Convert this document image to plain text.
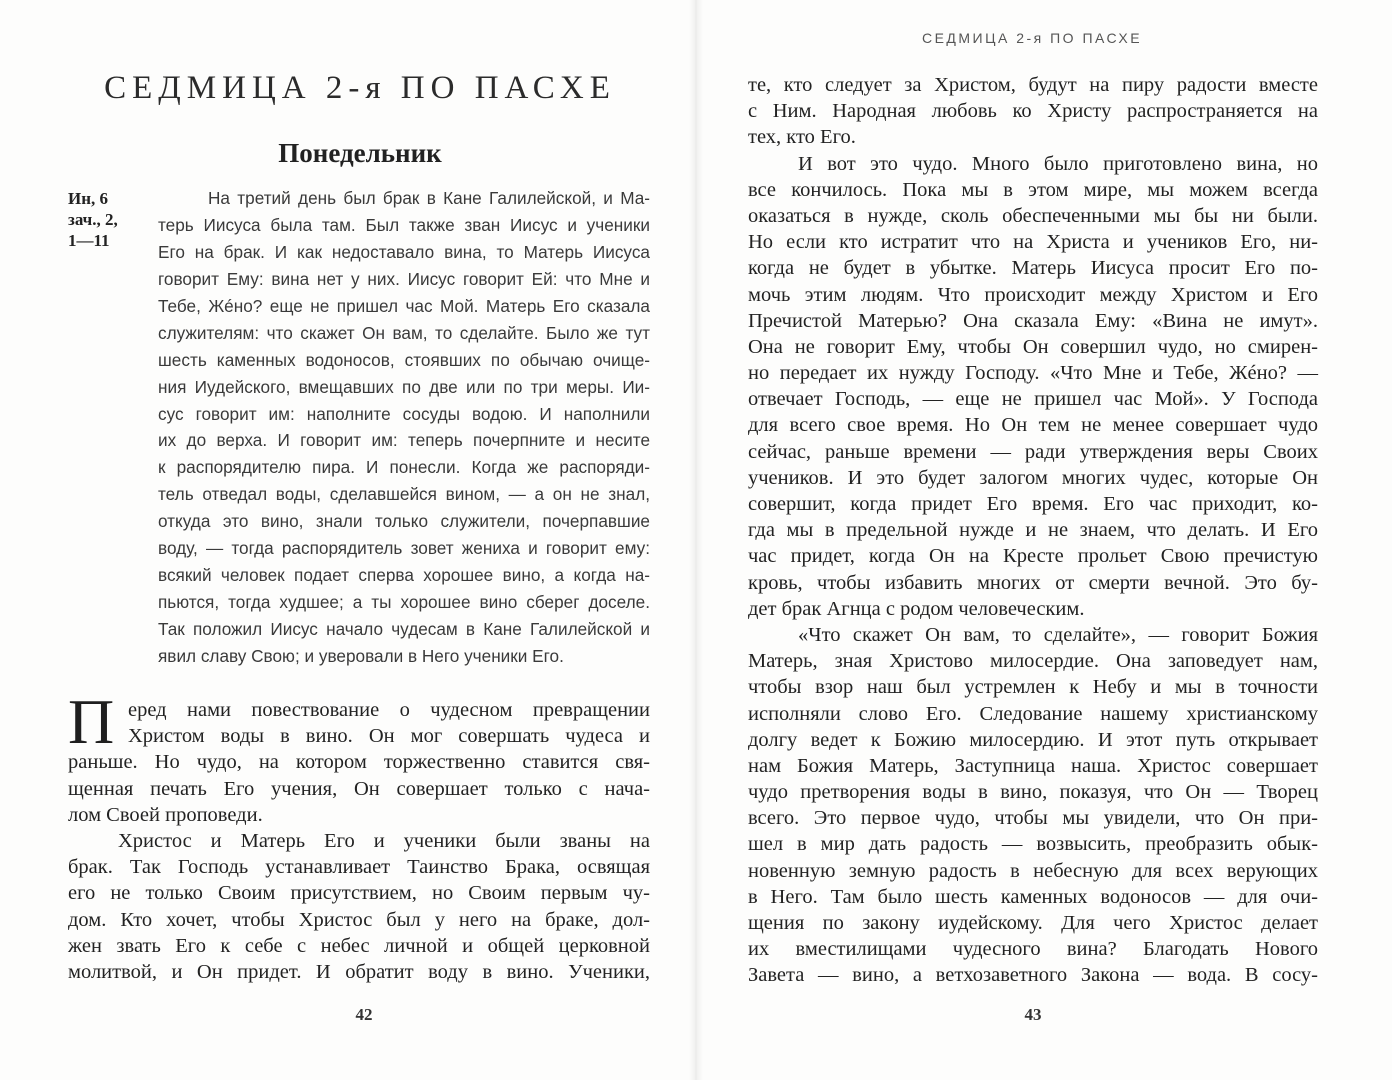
СЕДМИЦА 2-я ПО ПАСХЕ
Понедельник
Ин, 6
зач., 2,
1—11
На третий день был брак в Кане Галилейской, и Ма-
терь Иисуса была там. Был также зван Иисус и ученики
Его на брак. И как недоставало вина, то Матерь Иисуса
говорит Ему: вина нет у них. Иисус говорит Ей: что Мне и
Тебе, Жéно? еще не пришел час Мой. Матерь Его сказала
служителям: что скажет Он вам, то сделайте. Было же тут
шесть каменных водоносов, стоявших по обычаю очище-
ния Иудейского, вмещавших по две или по три меры. Ии-
сус говорит им: наполните сосуды водою. И наполнили
их до верха. И говорит им: теперь почерпните и несите
к распорядителю пира. И понесли. Когда же распоряди-
тель отведал воды, сделавшейся вином, — а он не знал,
откуда это вино, знали только служители, почерпавшие
воду, — тогда распорядитель зовет жениха и говорит ему:
всякий человек подает сперва хорошее вино, а когда на-
пьются, тогда худшее; а ты хорошее вино сберег доселе.
Так положил Иисус начало чудесам в Кане Галилейской и
явил славу Свою; и уверовали в Него ученики Его.
П еред нами повествование о чудесном превращении
Христом воды в вино. Он мог совершать чудеса и
раньше. Но чудо, на котором торжественно ставится свя-
щенная печать Его учения, Он совершает только с нача-
лом Своей проповеди.
Христос и Матерь Его и ученики были званы на
брак. Так Господь устанавливает Таинство Брака, освящая
его не только Своим присутствием, но Своим первым чу-
дом. Кто хочет, чтобы Христос был у него на браке, дол-
жен звать Его к себе с небес личной и общей церковной
молитвой, и Он придет. И обратит воду в вино. Ученики,
42
СЕДМИЦА 2-я ПО ПАСХЕ
те, кто следует за Христом, будут на пиру радости вместе
с Ним. Народная любовь ко Христу распространяется на
тех, кто Его.
И вот это чудо. Много было приготовлено вина, но
все кончилось. Пока мы в этом мире, мы можем всегда
оказаться в нужде, сколь обеспеченными мы бы ни были.
Но если кто истратит что на Христа и учеников Его, ни-
когда не будет в убытке. Матерь Иисуса просит Его по-
мочь этим людям. Что происходит между Христом и Его
Пречистой Матерью? Она сказала Ему: «Вина не имут».
Она не говорит Ему, чтобы Он совершил чудо, но смирен-
но передает их нужду Господу. «Что Мне и Тебе, Жéно? —
отвечает Господь, — еще не пришел час Мой». У Господа
для всего свое время. Но Он тем не менее совершает чудо
сейчас, раньше времени — ради утверждения веры Своих
учеников. И это будет залогом многих чудес, которые Он
совершит, когда придет Его время. Его час приходит, ко-
гда мы в предельной нужде и не знаем, что делать. И Его
час придет, когда Он на Кресте прольет Свою пречистую
кровь, чтобы избавить многих от смерти вечной. Это бу-
дет брак Агнца с родом человеческим.
«Что скажет Он вам, то сделайте», — говорит Божия
Матерь, зная Христово милосердие. Она заповедует нам,
чтобы взор наш был устремлен к Небу и мы в точности
исполняли слово Его. Следование нашему христианскому
долгу ведет к Божию милосердию. И этот путь открывает
нам Божия Матерь, Заступница наша. Христос совершает
чудо претворения воды в вино, показуя, что Он — Творец
всего. Это первое чудо, чтобы мы увидели, что Он при-
шел в мир дать радость — возвысить, преобразить обык-
новенную земную радость в небесную для всех верующих
в Него. Там было шесть каменных водоносов — для очи-
щения по закону иудейскому. Для чего Христос делает
их вместилищами чудесного вина? Благодать Нового
Завета — вино, а ветхозаветного Закона — вода. В сосу-
43
